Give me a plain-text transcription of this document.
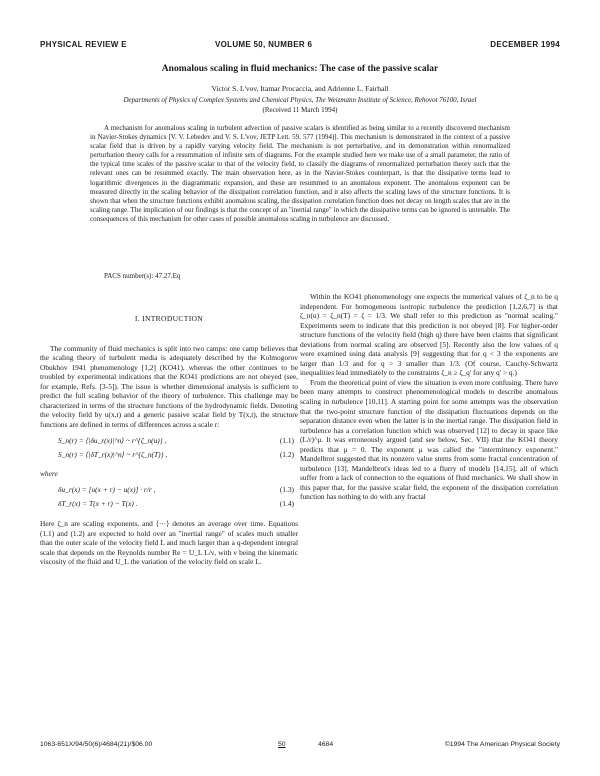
PHYSICAL REVIEW E	VOLUME 50, NUMBER 6	DECEMBER 1994
Anomalous scaling in fluid mechanics: The case of the passive scalar
Victor S. L'vov, Itamar Procaccia, and Adrienne L. Fairhall
Departments of Physics of Complex Systems and Chemical Physics, The Weizmann Institute of Science, Rehovot 76100, Israel
(Received 11 March 1994)
A mechanism for anomalous scaling in turbulent advection of passive scalars is identified as being similar to a recently discovered mechanism in Navier-Stokes dynamics [V. V. Lebedev and V. S. L'vov, JETP Lett. 59, 577 (1994)]. This mechanism is demonstrated in the context of a passive scalar field that is driven by a rapidly varying velocity field. The mechanism is not perturbative, and its demonstration within renormalized perturbation theory calls for a resummation of infinite sets of diagrams. For the example studied here we make use of a small parameter, the ratio of the typical time scales of the passive scalar to that of the velocity field, to classify the diagrams of renormalized perturbation theory such that the relevant ones can be resummed exactly. The main observation here, as in the Navier-Stokes counterpart, is that the dissipative terms lead to logarithmic divergences in the diagrammatic expansion, and these are resummed to an anomalous exponent. The anomalous exponent can be measured directly in the scaling behavior of the dissipation correlation function, and it also affects the scaling laws of the structure functions. It is shown that when the structure functions exhibit anomalous scaling, the dissipation correlation function does not decay on length scales that are in the scaling range. The implication of our findings is that the concept of an "inertial range" in which the dissipative terms can be ignored is untenable. The consequences of this mechanism for other cases of possible anomalous scaling in turbulence are discussed.
PACS number(s): 47.27.Eq
I. INTRODUCTION

The community of fluid mechanics is split into two camps: one camp believes that the scaling theory of turbulent media is adequately described by the Kolmogorov Obukhov 1941 phenomenology [1,2] (KO41), whereas the other continues to be troubled by experimental indications that the KO41 predictions are not obeyed (see, for example, Refs. [3-5]). The issue is whether dimensional analysis is sufficient to predict the full scaling behavior of the theory of turbulence. This challenge may be characterized in terms of the structure functions of the hydrodynamic fields. Denoting the velocity field by u(x,t) and a generic passive scalar field by T(x,t), the structure functions are defined in terms of differences across a scale r:

S_n(r) = ⟨|δu_r(x)|^n⟩ ~ r^{ζ_n(u)} ,	(1.1)
S_n(r) = ⟨|δT_r(x)|^n⟩ ~ r^{ζ_n(T)} ,	(1.2)
where
δu_r(x) = [u(x + r) − u(x)] · r/r ,	(1.3)
δT_r(x) = T(x + r) − T(x) .	(1.4)

Here ζ_n are scaling exponents, and ⟨···⟩ denotes an average over time. Equations (1.1) and (1.2) are expected to hold over an "inertial range" of scales much smaller than the outer scale of the velocity field L and much larger than a q-dependent integral scale that depends on the Reynolds number Re = U_L L/ν, with ν being the kinematic viscosity of the fluid and U_L the variation of the velocity field on scale L.

Within the KO41 phenomenology one expects the numerical values of ζ_n to be q independent. For homogeneous isotropic turbulence the prediction [1,2,6,7] is that ζ_n(u) = ζ_n(T) = ζ = 1/3. We shall refer to this prediction as "normal scaling." Experiments seem to indicate that this prediction is not obeyed [8]. For higher-order structure functions of the velocity field (high q) there have been claims that significant deviations from normal scaling are observed [5]. Recently also the low values of q were examined using data analysis [9] suggesting that for q < 3 the exponents are larger than 1/3 and for q > 3 smaller than 1/3. (Of course, Cauchy-Schwartz inequalities lead immediately to the constraints ζ_n ≥ ζ_q' for any q' > q.)

From the theoretical point of view the situation is even more confusing. There have been many attempts to construct phenomenological models to describe anomalous scaling in turbulence [10,11]. A starting point for some attempts was the observation that the two-point structure function of the dissipation fluctuations depends on the separation distance even when the latter is in the inertial range. The dissipation field in turbulence has a correlation function which was observed [12] to decay in space like (L/r)^μ. It was erroneously argued (and see below, Sec. VII) that the KO41 theory predicts that μ = 0. The exponent μ was called the "intermittency exponent." Mandelbrot suggested that its nonzero value stems from some fractal concentration of turbulence [13]. Mandelbrot's ideas led to a flurry of models [14,15], all of which suffer from a lack of connection to the equations of fluid mechanics. We shall show in this paper that, for the passive scalar field, the exponent of the dissipation correlation function has nothing to do with any fractal

1063-651X/94/50(6)/4684(21)/$06.00	50	4684	©1994 The American Physical Society
